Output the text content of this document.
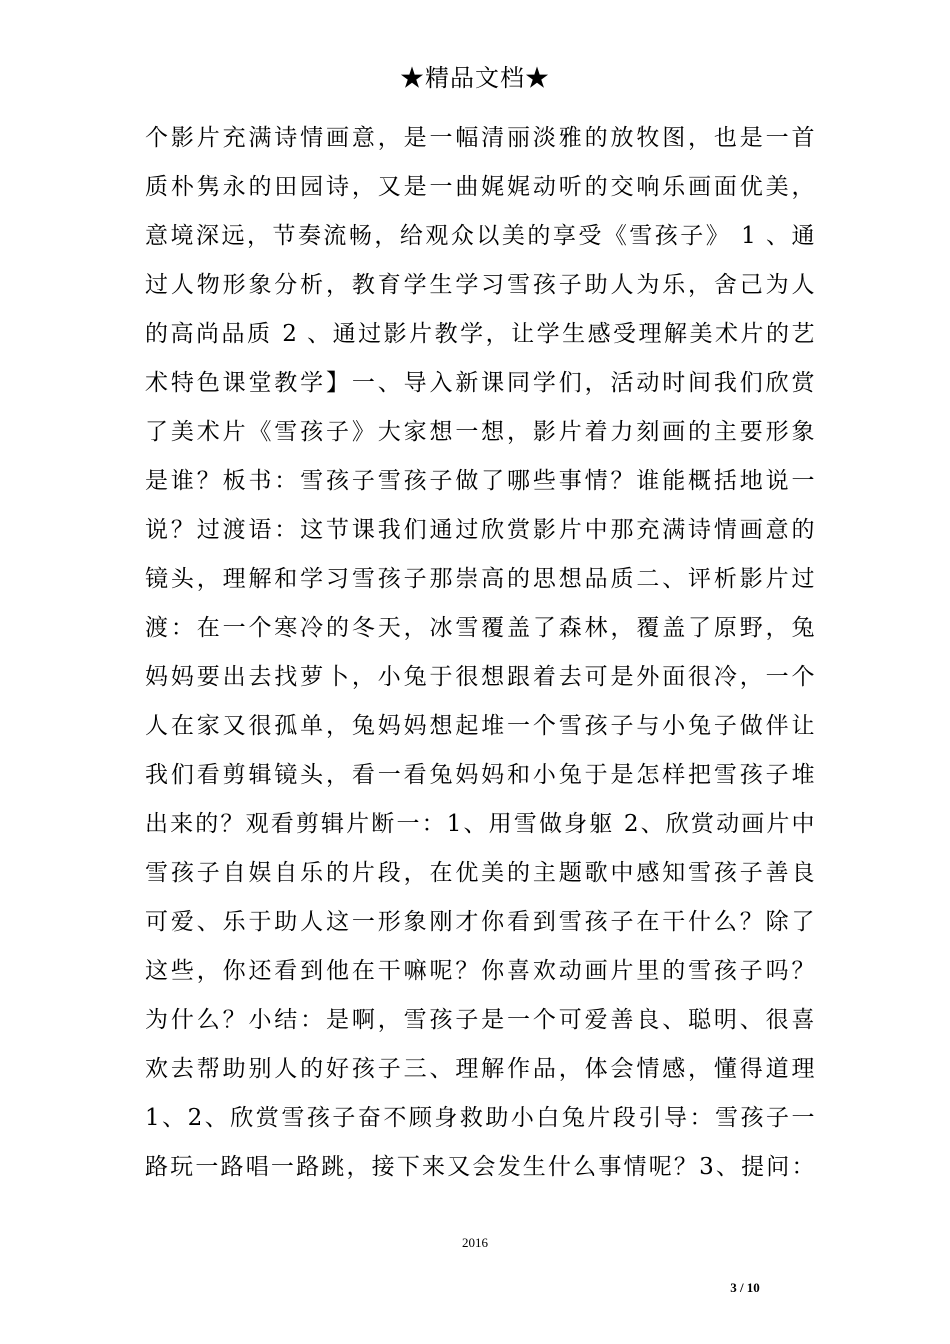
★精品文档★
个影片充满诗情画意，是一幅清丽淡雅的放牧图，也是一首
质朴隽永的田园诗，又是一曲娓娓动听的交响乐画面优美，
意境深远，节奏流畅，给观众以美的享受《雪孩子》 1 、通
过人物形象分析，教育学生学习雪孩子助人为乐，舍己为人
的高尚品质 2 、通过影片教学，让学生感受理解美术片的艺
术特色课堂教学】一、导入新课同学们，活动时间我们欣赏
了美术片《雪孩子》大家想一想，影片着力刻画的主要形象
是谁？板书：雪孩子雪孩子做了哪些事情？谁能概括地说一
说？过渡语：这节课我们通过欣赏影片中那充满诗情画意的
镜头，理解和学习雪孩子那崇高的思想品质二、评析影片过
渡：在一个寒冷的冬天，冰雪覆盖了森林，覆盖了原野，兔
妈妈要出去找萝卜，小兔于很想跟着去可是外面很冷，一个
人在家又很孤单，兔妈妈想起堆一个雪孩子与小兔子做伴让
我们看剪辑镜头，看一看兔妈妈和小兔于是怎样把雪孩子堆
出来的？观看剪辑片断一：1、用雪做身躯 2、欣赏动画片中
雪孩子自娱自乐的片段，在优美的主题歌中感知雪孩子善良
可爱、乐于助人这一形象刚才你看到雪孩子在干什么？除了
这些，你还看到他在干嘛呢？你喜欢动画片里的雪孩子吗？
为什么？小结：是啊，雪孩子是一个可爱善良、聪明、很喜
欢去帮助别人的好孩子三、理解作品，体会情感，懂得道理
1、2、欣赏雪孩子奋不顾身救助小白兔片段引导：雪孩子一
路玩一路唱一路跳，接下来又会发生什么事情呢？3、提问：
2016
3 / 10
